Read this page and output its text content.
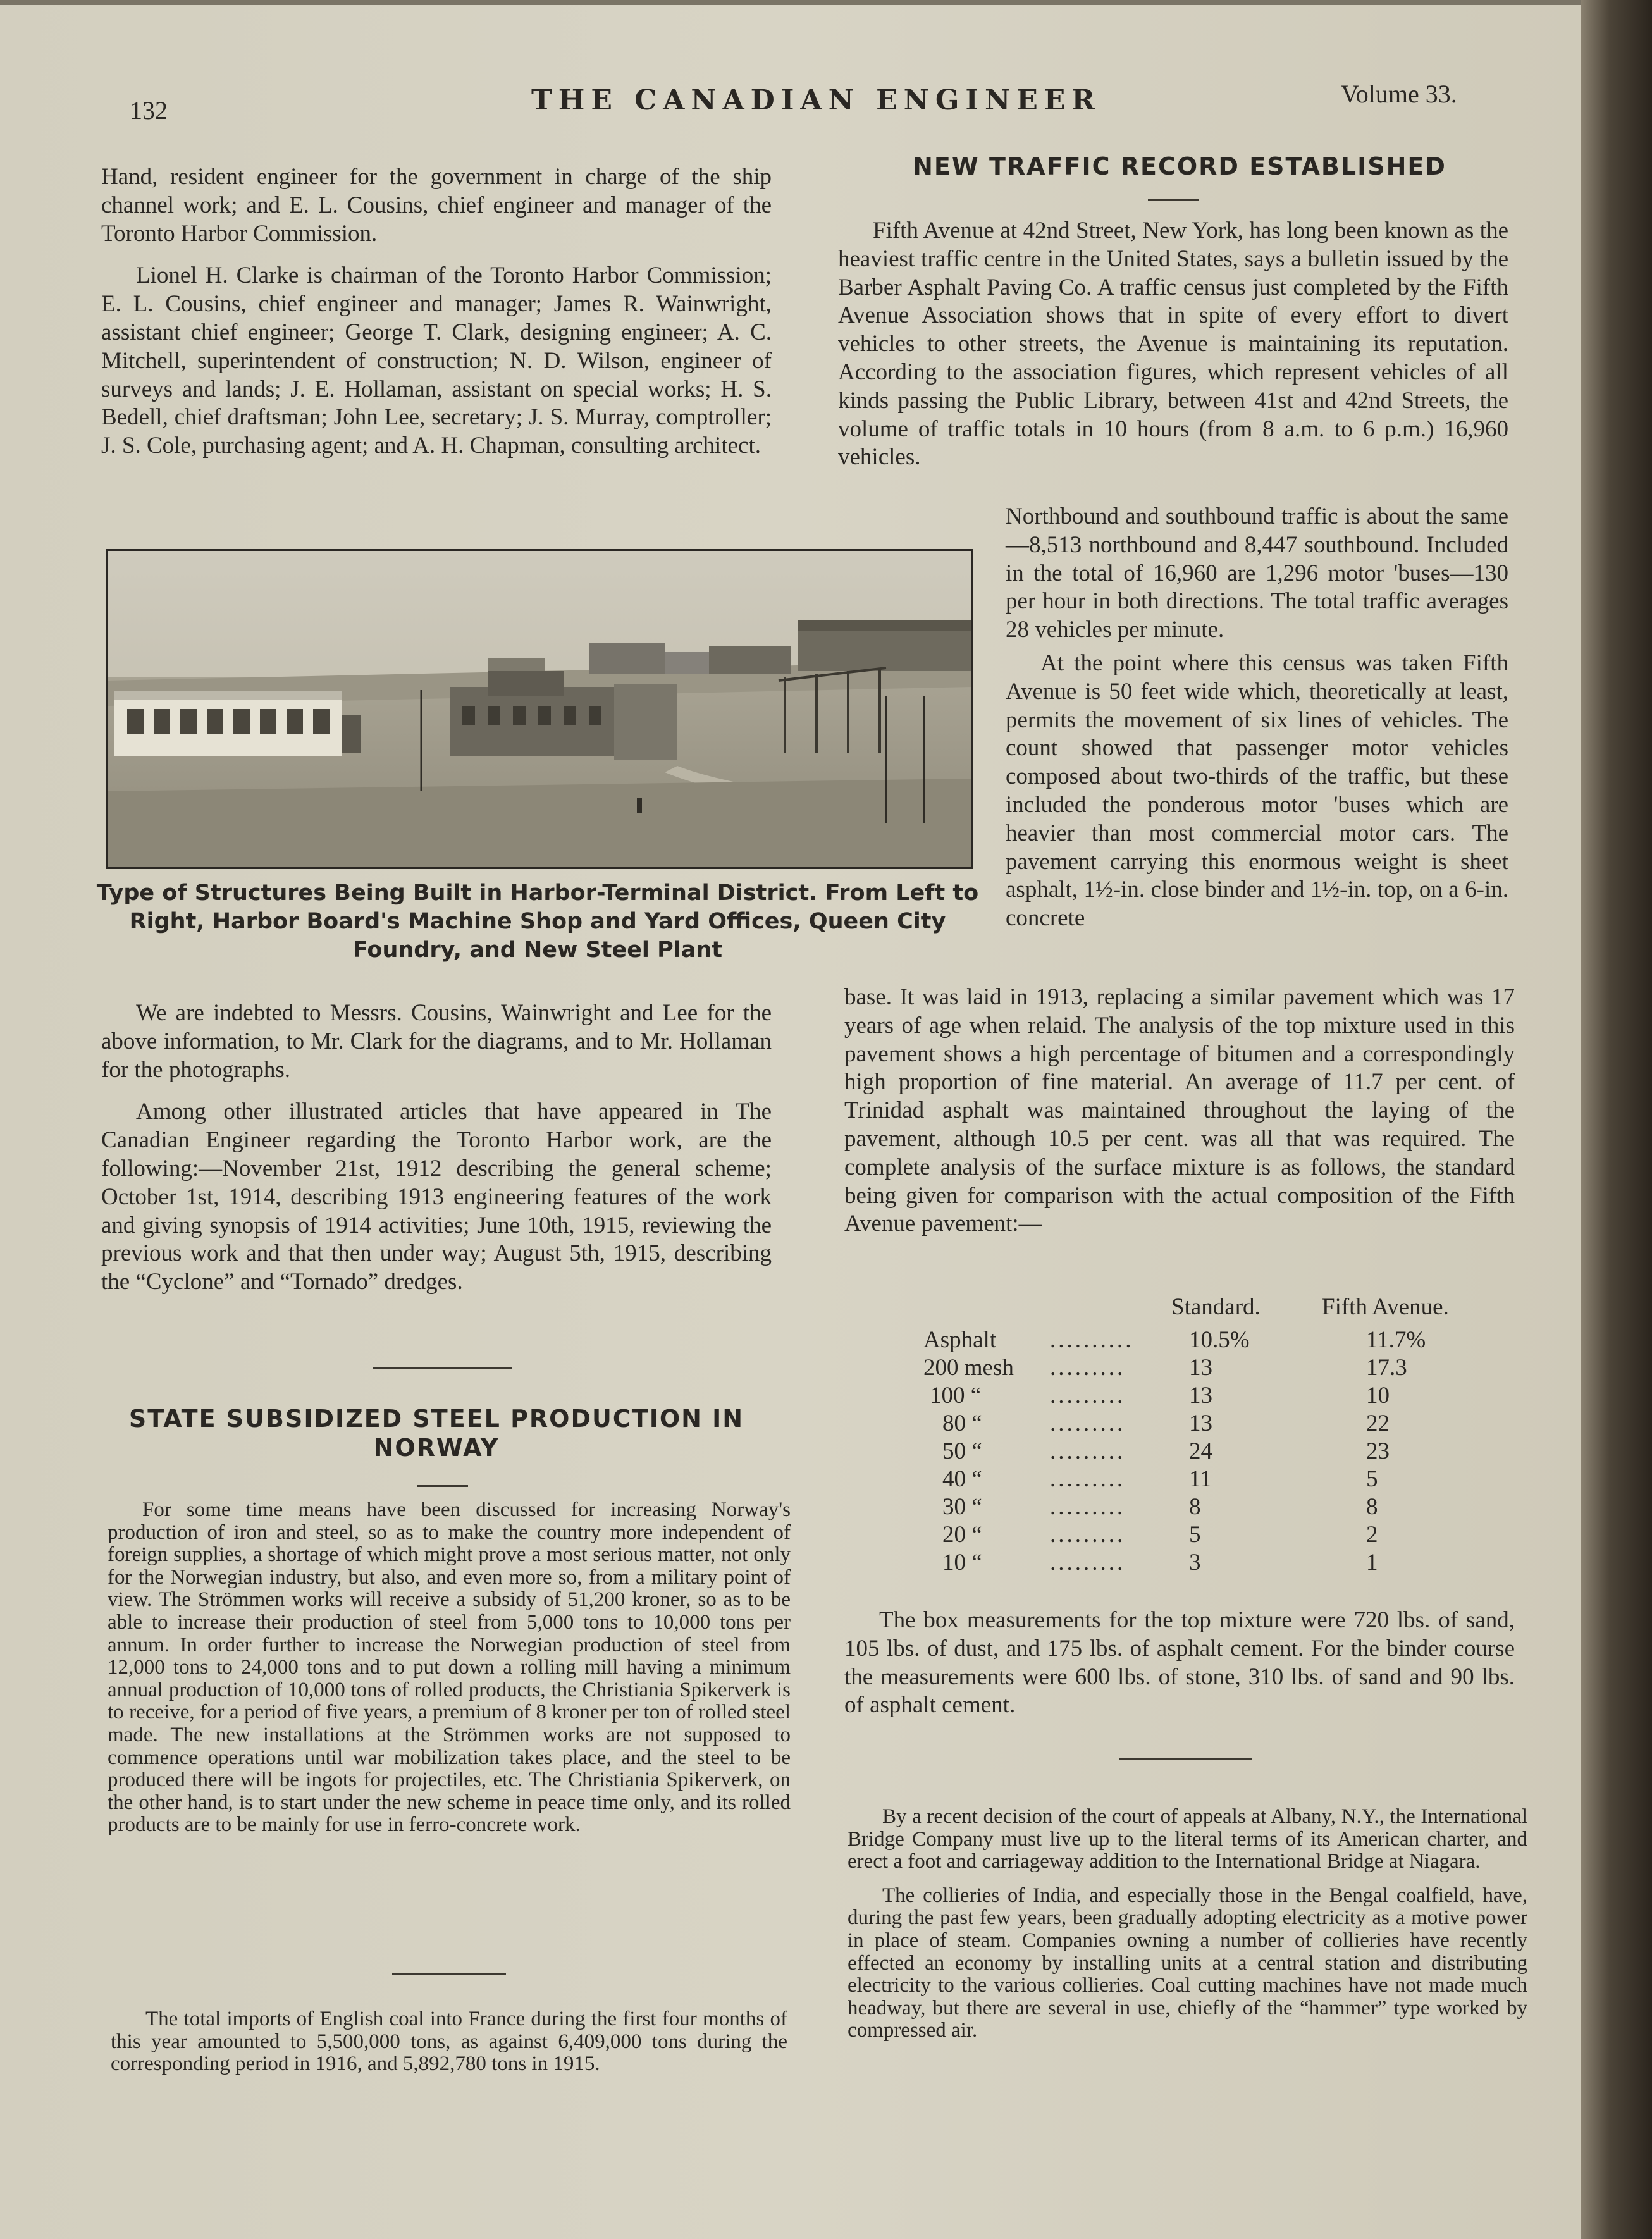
132	THE CANADIAN ENGINEER	Volume 33.

Hand, resident engineer for the government in charge of the ship channel work; and E. L. Cousins, chief engineer and manager of the Toronto Harbor Commission.

Lionel H. Clarke is chairman of the Toronto Harbor Commission; E. L. Cousins, chief engineer and manager; James R. Wainwright, assistant chief engineer; George T. Clark, designing engineer; A. C. Mitchell, superintendent of construction; N. D. Wilson, engineer of surveys and lands; J. E. Hollaman, assistant on special works; H. S. Bedell, chief draftsman; John Lee, secretary; J. S. Murray, comptroller; J. S. Cole, purchasing agent; and A. H. Chapman, consulting architect.

Type of Structures Being Built in Harbor-Terminal District. From Left to Right, Harbor Board's Machine Shop and Yard Offices, Queen City Foundry, and New Steel Plant

We are indebted to Messrs. Cousins, Wainwright and Lee for the above information, to Mr. Clark for the diagrams, and to Mr. Hollaman for the photographs.

Among other illustrated articles that have appeared in The Canadian Engineer regarding the Toronto Harbor work, are the following:—November 21st, 1912 describing the general scheme; October 1st, 1914, describing 1913 engineering features of the work and giving synopsis of 1914 activities; June 10th, 1915, reviewing the previous work and that then under way; August 5th, 1915, describing the “Cyclone” and “Tornado” dredges.

STATE SUBSIDIZED STEEL PRODUCTION IN NORWAY

For some time means have been discussed for increasing Norway's production of iron and steel, so as to make the country more independent of foreign supplies, a shortage of which might prove a most serious matter, not only for the Norwegian industry, but also, and even more so, from a military point of view. The Strömmen works will receive a subsidy of 51,200 kroner, so as to be able to increase their production of steel from 5,000 tons to 10,000 tons per annum. In order further to increase the Norwegian production of steel from 12,000 tons to 24,000 tons and to put down a rolling mill having a minimum annual production of 10,000 tons of rolled products, the Christiania Spikerverk is to receive, for a period of five years, a premium of 8 kroner per ton of rolled steel made. The new installations at the Strömmen works are not supposed to commence operations until war mobilization takes place, and the steel to be produced there will be ingots for projectiles, etc. The Christiania Spikerverk, on the other hand, is to start under the new scheme in peace time only, and its rolled products are to be mainly for use in ferro-concrete work.

The total imports of English coal into France during the first four months of this year amounted to 5,500,000 tons, as against 6,409,000 tons during the corresponding period in 1916, and 5,892,780 tons in 1915.

NEW TRAFFIC RECORD ESTABLISHED

Fifth Avenue at 42nd Street, New York, has long been known as the heaviest traffic centre in the United States, says a bulletin issued by the Barber Asphalt Paving Co. A traffic census just completed by the Fifth Avenue Association shows that in spite of every effort to divert vehicles to other streets, the Avenue is maintaining its reputation. According to the association figures, which represent vehicles of all kinds passing the Public Library, between 41st and 42nd Streets, the volume of traffic totals in 10 hours (from 8 a.m. to 6 p.m.) 16,960 vehicles.

Northbound and southbound traffic is about the same—8,513 northbound and 8,447 southbound. Included in the total of 16,960 are 1,296 motor 'buses—130 per hour in both directions. The total traffic averages 28 vehicles per minute.

At the point where this census was taken Fifth Avenue is 50 feet wide which, theoretically at least, permits the movement of six lines of vehicles. The count showed that passenger motor vehicles composed about two-thirds of the traffic, but these included the ponderous motor 'buses which are heavier than most commercial motor cars. The pavement carrying this enormous weight is sheet asphalt, 1½-in. close binder and 1½-in. top, on a 6-in. concrete

base. It was laid in 1913, replacing a similar pavement which was 17 years of age when relaid. The analysis of the top mixture used in this pavement shows a high percentage of bitumen and a correspondingly high proportion of fine material. An average of 11.7 per cent. of Trinidad asphalt was maintained throughout the laying of the pavement, although 10.5 per cent. was all that was required. The complete analysis of the surface mixture is as follows, the standard being given for comparison with the actual composition of the Fifth Avenue pavement:—

Standard.	Fifth Avenue.
Asphalt .......... 10.5%	11.7%
200 mesh .........	13	17.3
100 “	.........	13	10
80 “	.........	13	22
50 “	.........	24	23
40 “	.........	11	5
30 “	.........	8	8
20 “	.........	5	2
10 “	.........	3	1

The box measurements for the top mixture were 720 lbs. of sand, 105 lbs. of dust, and 175 lbs. of asphalt cement. For the binder course the measurements were 600 lbs. of stone, 310 lbs. of sand and 90 lbs. of asphalt cement.

By a recent decision of the court of appeals at Albany, N.Y., the International Bridge Company must live up to the literal terms of its American charter, and erect a foot and carriageway addition to the International Bridge at Niagara.

The collieries of India, and especially those in the Bengal coalfield, have, during the past few years, been gradually adopting electricity as a motive power in place of steam. Companies owning a number of collieries have recently effected an economy by installing units at a central station and distributing electricity to the various collieries. Coal cutting machines have not made much headway, but there are several in use, chiefly of the “hammer” type worked by compressed air.
